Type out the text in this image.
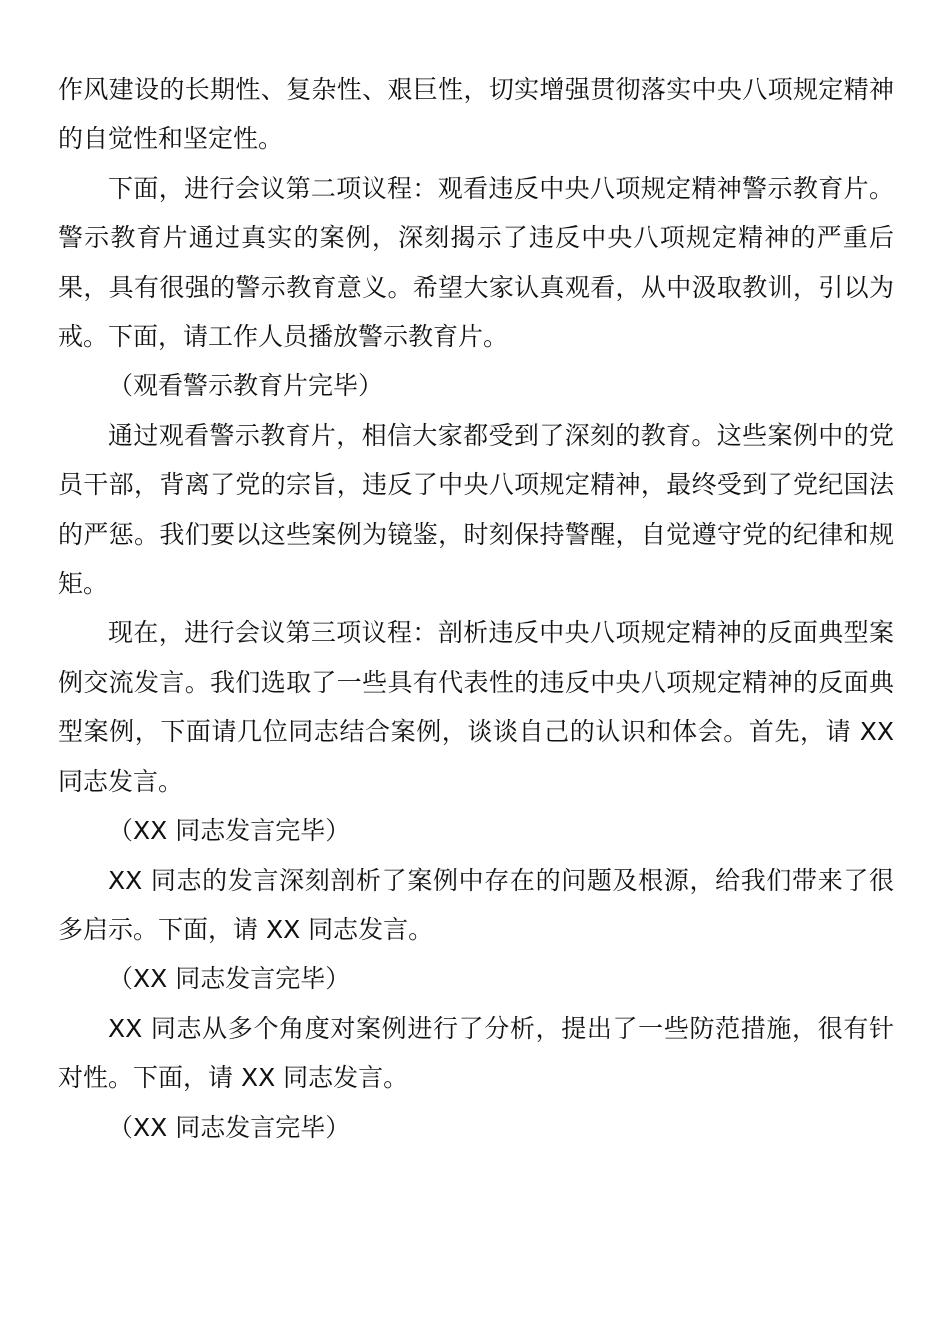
作风建设的长期性、复杂性、艰巨性，切实增强贯彻落实中央八项规定精神的自觉性和坚定性。

下面，进行会议第二项议程：观看违反中央八项规定精神警示教育片。警示教育片通过真实的案例，深刻揭示了违反中央八项规定精神的严重后果，具有很强的警示教育意义。希望大家认真观看，从中汲取教训，引以为戒。下面，请工作人员播放警示教育片。

（观看警示教育片完毕）

通过观看警示教育片，相信大家都受到了深刻的教育。这些案例中的党员干部，背离了党的宗旨，违反了中央八项规定精神，最终受到了党纪国法的严惩。我们要以这些案例为镜鉴，时刻保持警醒，自觉遵守党的纪律和规矩。

现在，进行会议第三项议程：剖析违反中央八项规定精神的反面典型案例交流发言。我们选取了一些具有代表性的违反中央八项规定精神的反面典型案例，下面请几位同志结合案例，谈谈自己的认识和体会。首先，请 XX 同志发言。

（XX 同志发言完毕）

XX 同志的发言深刻剖析了案例中存在的问题及根源，给我们带来了很多启示。下面，请 XX 同志发言。

（XX 同志发言完毕）

XX 同志从多个角度对案例进行了分析，提出了一些防范措施，很有针对性。下面，请 XX 同志发言。

（XX 同志发言完毕）
